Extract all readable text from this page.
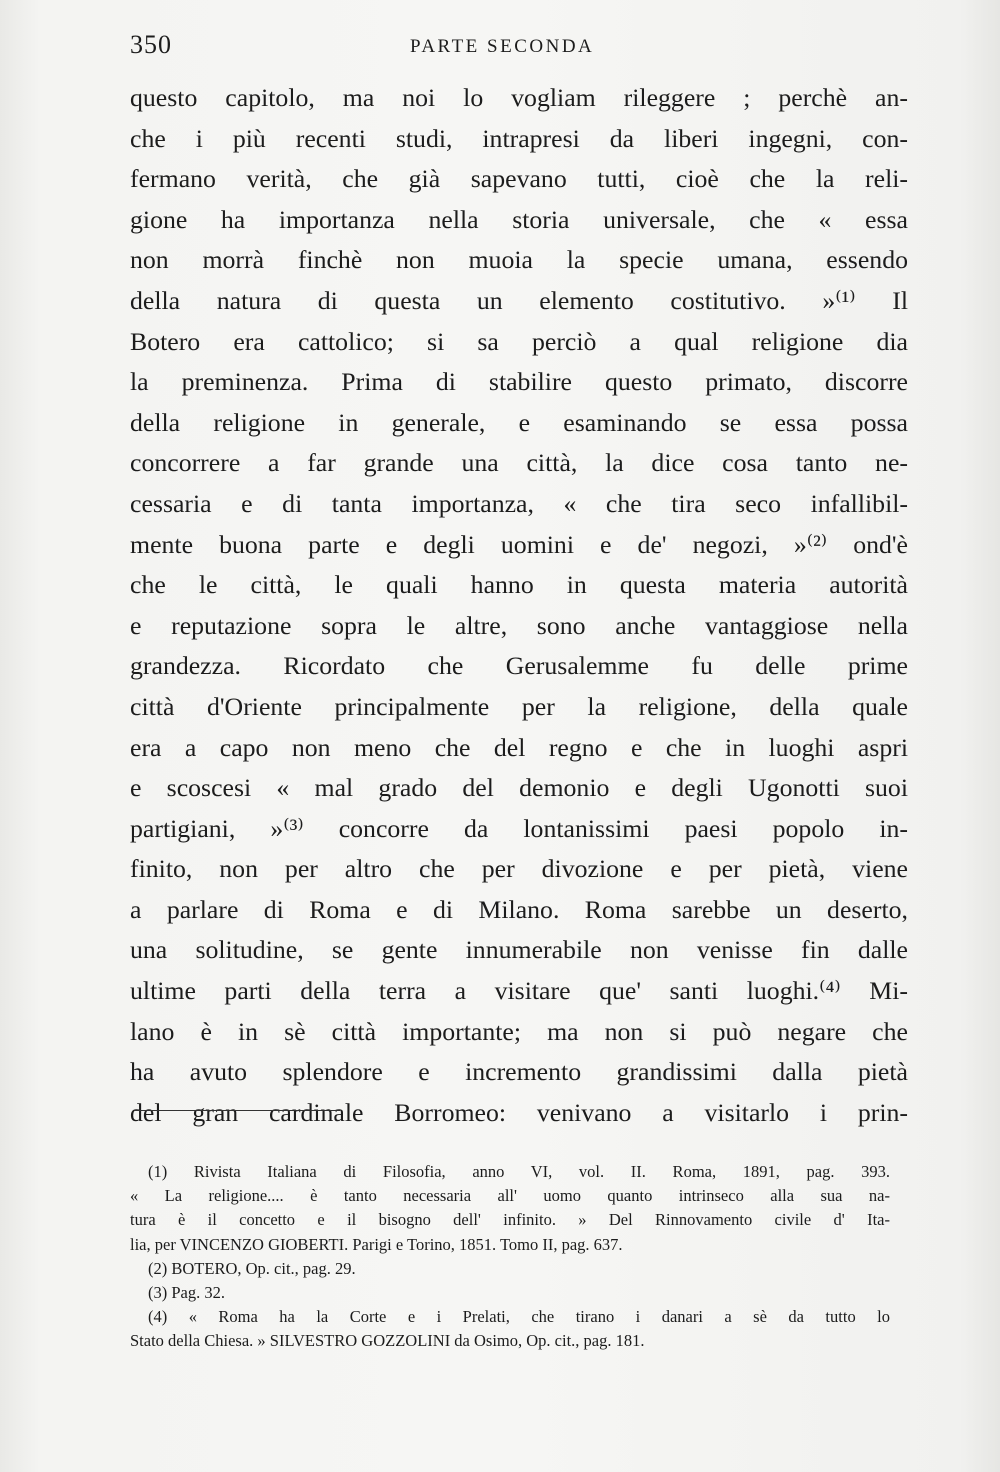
350	PARTE SECONDA
questo capitolo, ma noi lo vogliam rileggere ; perchè an-
che i più recenti studi, intrapresi da liberi ingegni, con-
fermano verità, che già sapevano tutti, cioè che la reli-
gione ha importanza nella storia universale, che « essa
non morrà finchè non muoia la specie umana, essendo
della natura di questa un elemento costitutivo. »⁽¹⁾ Il
Botero era cattolico; si sa perciò a qual religione dia
la preminenza. Prima di stabilire questo primato, discorre
della religione in generale, e esaminando se essa possa
concorrere a far grande una città, la dice cosa tanto ne-
cessaria e di tanta importanza, « che tira seco infallibil-
mente buona parte e degli uomini e de' negozi, »⁽²⁾ ond'è
che le città, le quali hanno in questa materia autorità
e reputazione sopra le altre, sono anche vantaggiose nella
grandezza. Ricordato che Gerusalemme fu delle prime
città d'Oriente principalmente per la religione, della quale
era a capo non meno che del regno e che in luoghi aspri
e scoscesi « mal grado del demonio e degli Ugonotti suoi
partigiani, »⁽³⁾ concorre da lontanissimi paesi popolo in-
finito, non per altro che per divozione e per pietà, viene
a parlare di Roma e di Milano. Roma sarebbe un deserto,
una solitudine, se gente innumerabile non venisse fin dalle
ultime parti della terra a visitare que' santi luoghi.⁽⁴⁾ Mi-
lano è in sè città importante; ma non si può negare che
ha avuto splendore e incremento grandissimi dalla pietà
del gran cardinale Borromeo: venivano a visitarlo i prin-
(1) Rivista Italiana di Filosofia, anno VI, vol. II. Roma, 1891, pag. 393.
« La religione.... è tanto necessaria all' uomo quanto intrinseco alla sua na-
tura è il concetto e il bisogno dell' infinito. » Del Rinnovamento civile d' Ita-
lia, per VINCENZO GIOBERTI. Parigi e Torino, 1851. Tomo II, pag. 637.
(2) BOTERO, Op. cit., pag. 29.
(3) Pag. 32.
(4) « Roma ha la Corte e i Prelati, che tirano i danari a sè da tutto lo
Stato della Chiesa. » SILVESTRO GOZZOLINI da Osimo, Op. cit., pag. 181.
